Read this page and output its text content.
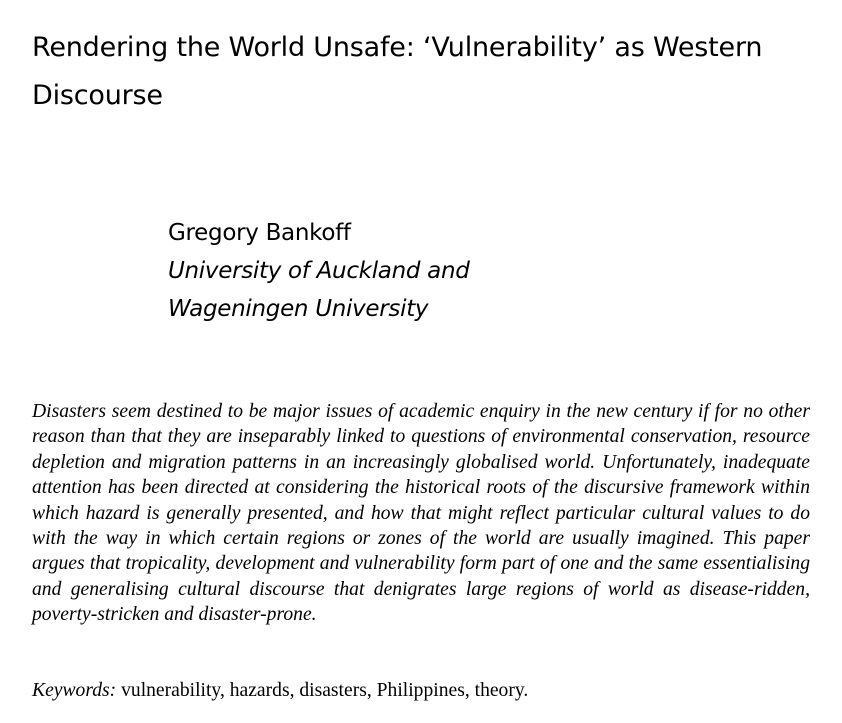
Rendering the World Unsafe: ‘Vulnerability’ as Western Discourse
Gregory Bankoff
University of Auckland and
Wageningen University

Disasters seem destined to be major issues of academic enquiry in the new century if for no other reason than that they are inseparably linked to questions of environmental conservation, resource depletion and migration patterns in an increasingly globalised world. Unfortunately, inadequate attention has been directed at considering the historical roots of the discursive framework within which hazard is generally presented, and how that might reflect particular cultural values to do with the way in which certain regions or zones of the world are usually imagined. This paper argues that tropicality, development and vulnerability form part of one and the same essentialising and generalising cultural discourse that denigrates large regions of world as disease-ridden, poverty-stricken and disaster-prone.

Keywords: vulnerability, hazards, disasters, Philippines, theory.
